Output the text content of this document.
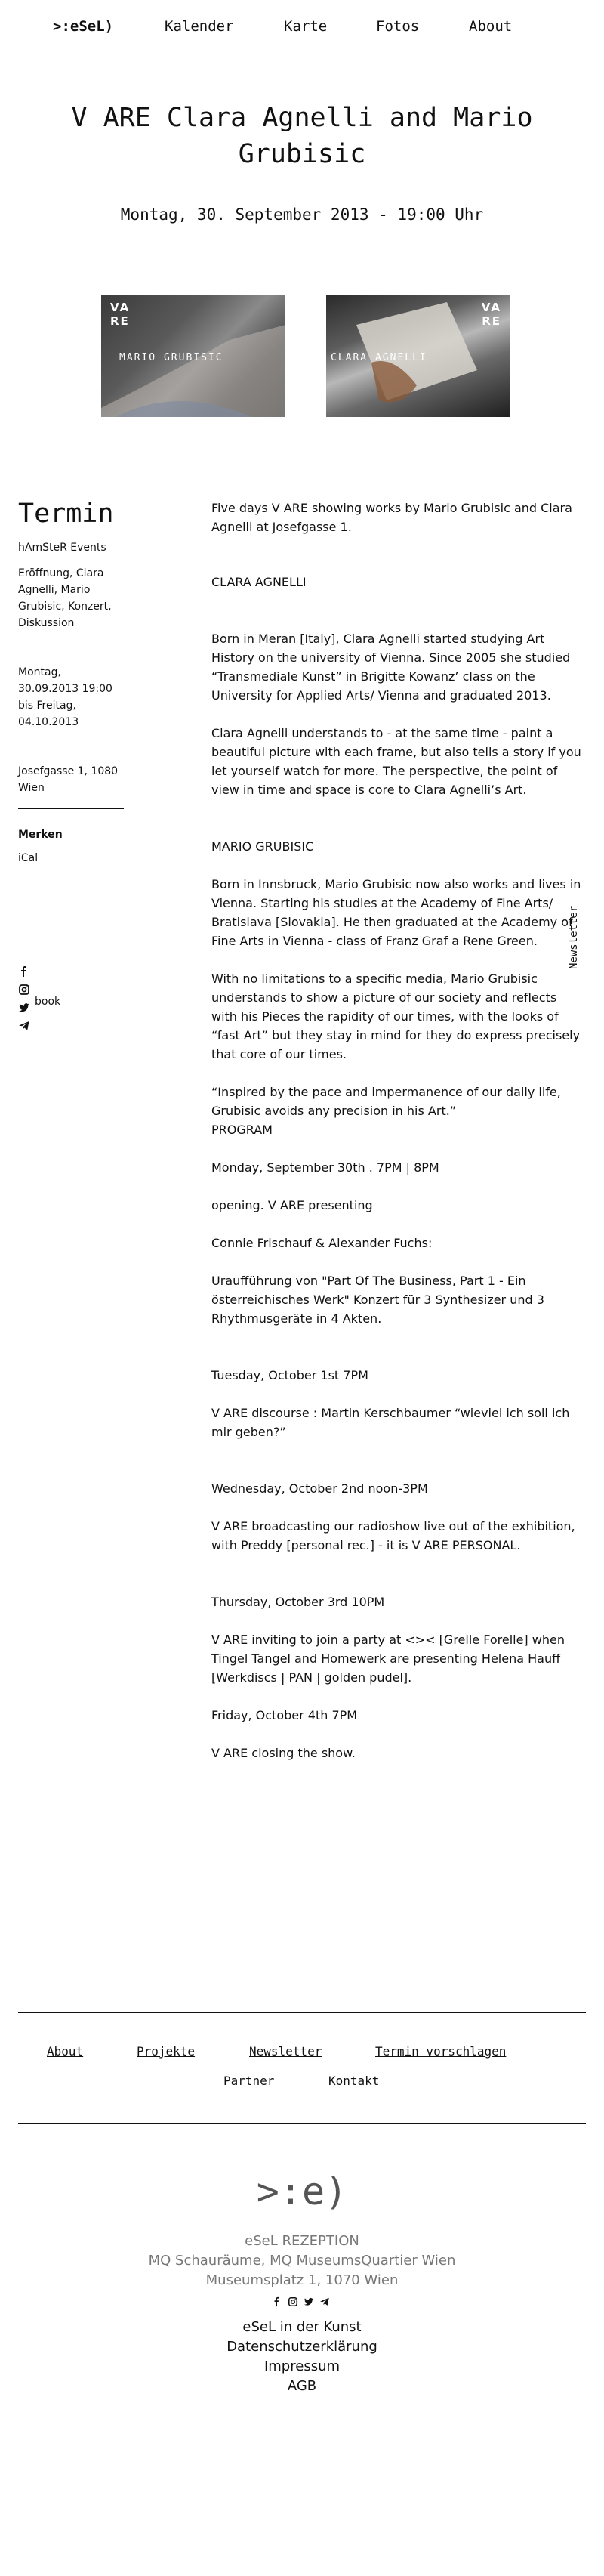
>:eSeL)	Kalender	Karte	Fotos	About
V ARE Clara Agnelli and Mario Grubisic
Montag, 30. September 2013 - 19:00 Uhr
VA
RE
MARIO GRUBISIC
VA
RE
CLARA AGNELLI
Termin
hAmSteR Events
Eröffnung, Clara Agnelli, Mario Grubisic, Konzert, Diskussion
Montag, 30.09.2013 19:00 bis Freitag, 04.10.2013
Josefgasse 1, 1080 Wien
Merken
iCal
book
Newsletter

Five days V ARE showing works by Mario Grubisic and Clara Agnelli at Josefgasse 1.

CLARA AGNELLI

Born in Meran [Italy], Clara Agnelli started studying Art History on the university of Vienna. Since 2005 she studied “Transmediale Kunst” in Brigitte Kowanz’ class on the University for Applied Arts/ Vienna and graduated 2013.

Clara Agnelli understands to - at the same time - paint a beautiful picture with each frame, but also tells a story if you let yourself watch for more. The perspective, the point of view in time and space is core to Clara Agnelli’s Art.

MARIO GRUBISIC

Born in Innsbruck, Mario Grubisic now also works and lives in Vienna. Starting his studies at the Academy of Fine Arts/ Bratislava [Slovakia]. He then graduated at the Academy of Fine Arts in Vienna - class of Franz Graf a Rene Green.

With no limitations to a specific media, Mario Grubisic understands to show a picture of our society and reflects with his Pieces the rapidity of our times, with the looks of “fast Art” but they stay in mind for they do express precisely that core of our times.

“Inspired by the pace and impermanence of our daily life, Grubisic avoids any precision in his Art.”

PROGRAM

Monday, September 30th . 7PM | 8PM

opening. V ARE presenting

Connie Frischauf & Alexander Fuchs:

Uraufführung von "Part Of The Business, Part 1 - Ein österreichisches Werk" Konzert für 3 Synthesizer und 3 Rhythmusgeräte in 4 Akten.

Tuesday, October 1st 7PM

V ARE discourse : Martin Kerschbaumer “wieviel ich soll ich mir geben?”

Wednesday, October 2nd noon-3PM

V ARE broadcasting our radioshow live out of the exhibition, with Preddy [personal rec.] - it is V ARE PERSONAL.

Thursday, October 3rd 10PM

V ARE inviting to join a party at <>< [Grelle Forelle] when Tingel Tangel and Homewerk are presenting Helena Hauff [Werkdiscs | PAN | golden pudel].

Friday, October 4th 7PM

V ARE closing the show.

About	Projekte	Newsletter	Termin vorschlagen
Partner	Kontakt
>:e)
eSeL REZEPTION
MQ Schauräume, MQ MuseumsQuartier Wien
Museumsplatz 1, 1070 Wien
eSeL in der Kunst
Datenschutzerklärung
Impressum
AGB
